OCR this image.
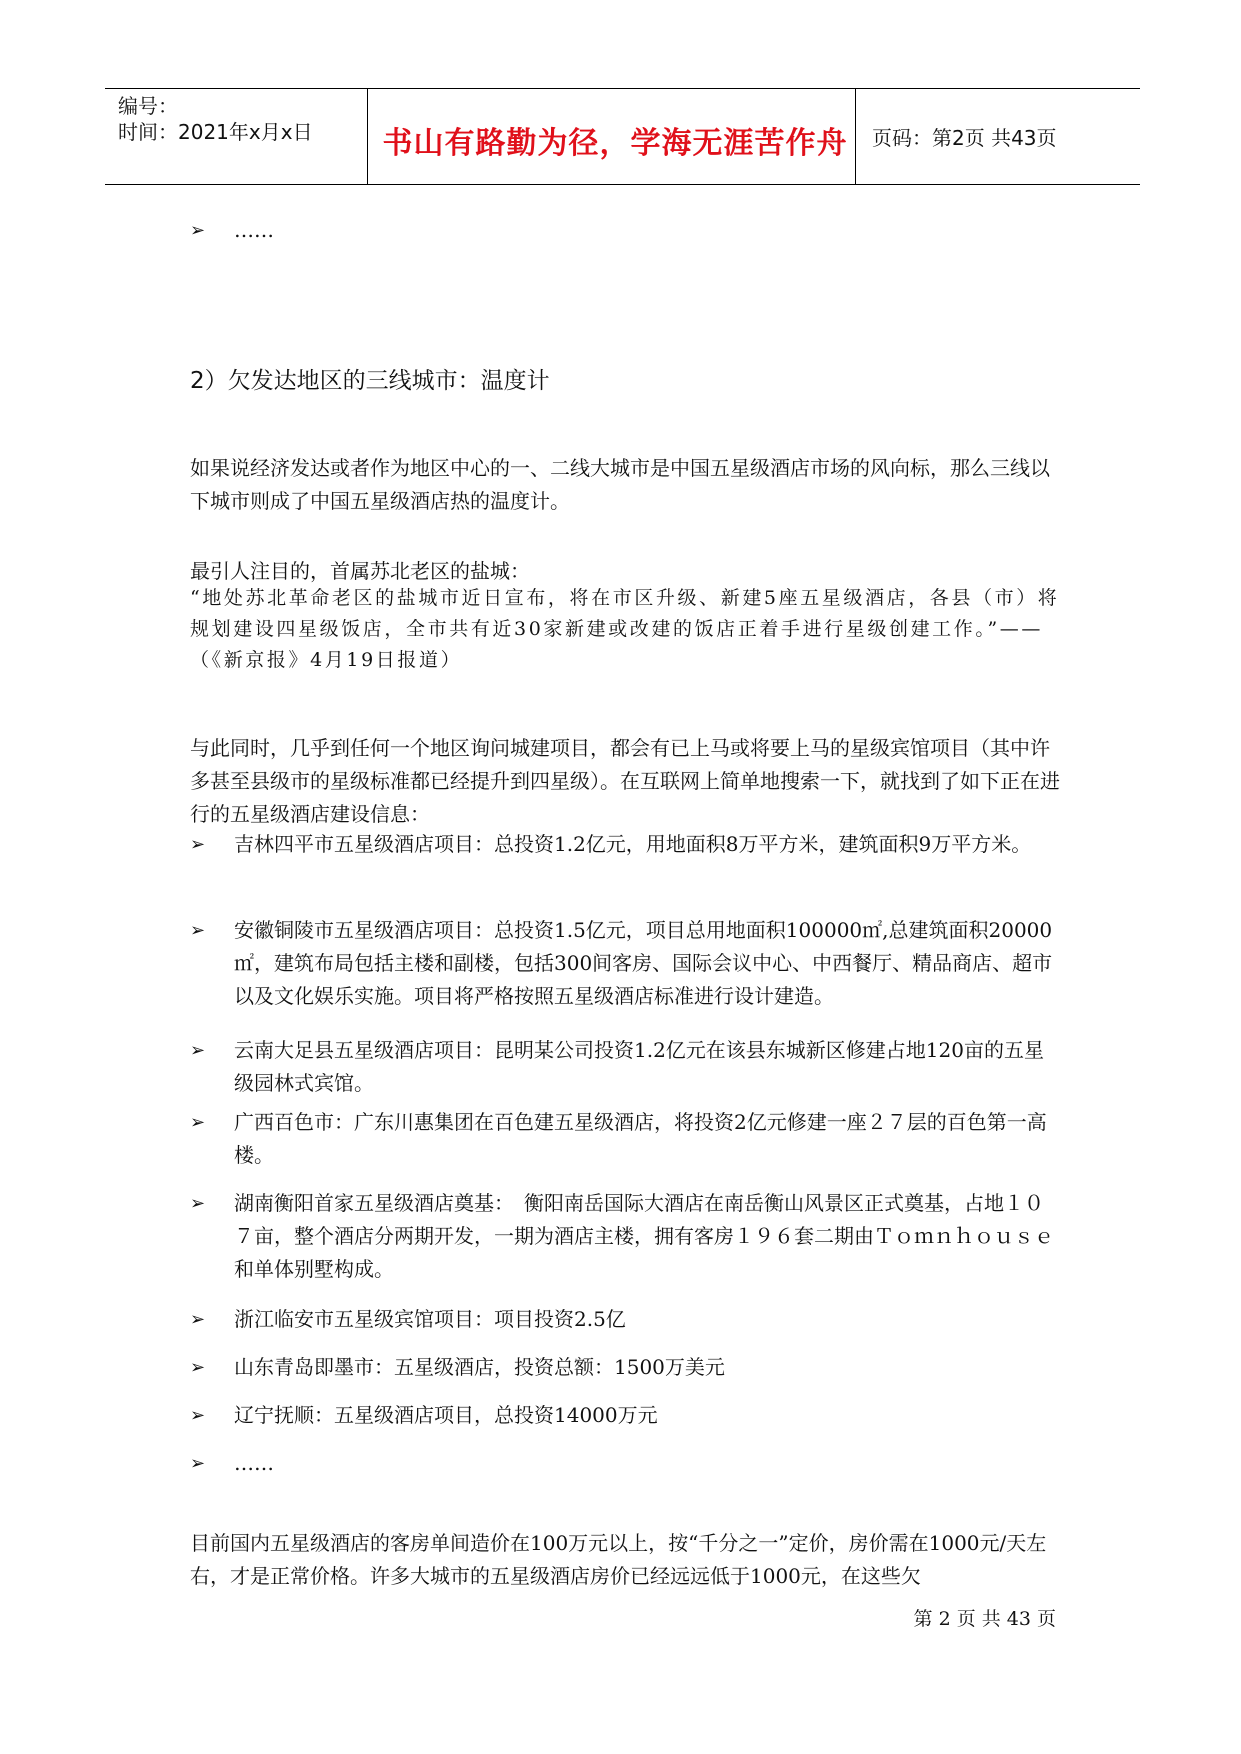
编号：
时间：2021年x月x日	书山有路勤为径，学海无涯苦作舟	页码：第2页 共43页
➢ ……
2）欠发达地区的三线城市：温度计
如果说经济发达或者作为地区中心的一、二线大城市是中国五星级酒店市场的风向标，那么三线以下城市则成了中国五星级酒店热的温度计。
最引人注目的，首属苏北老区的盐城：
“地处苏北革命老区的盐城市近日宣布，将在市区升级、新建5座五星级酒店，各县（市）将规划建设四星级饭店，全市共有近30家新建或改建的饭店正着手进行星级创建工作。”——（《新京报》4月19日报道）
与此同时，几乎到任何一个地区询问城建项目，都会有已上马或将要上马的星级宾馆项目（其中许多甚至县级市的星级标准都已经提升到四星级）。在互联网上简单地搜索一下，就找到了如下正在进行的五星级酒店建设信息：
➢ 吉林四平市五星级酒店项目：总投资1.2亿元，用地面积8万平方米，建筑面积9万平方米。
➢ 安徽铜陵市五星级酒店项目：总投资1.5亿元，项目总用地面积100000㎡,总建筑面积20000㎡，建筑布局包括主楼和副楼，包括300间客房、国际会议中心、中西餐厅、精品商店、超市以及文化娱乐实施。项目将严格按照五星级酒店标准进行设计建造。
➢ 云南大足县五星级酒店项目：昆明某公司投资1.2亿元在该县东城新区修建占地120亩的五星级园林式宾馆。
➢ 广西百色市：广东川惠集团在百色建五星级酒店，将投资2亿元修建一座２７层的百色第一高楼。
➢ 湖南衡阳首家五星级酒店奠基：　衡阳南岳国际大酒店在南岳衡山风景区正式奠基，占地１０７亩，整个酒店分两期开发，一期为酒店主楼，拥有客房１９６套二期由Ｔｏｍｎｈｏｕｓｅ和单体别墅构成。
➢ 浙江临安市五星级宾馆项目：项目投资2.5亿
➢ 山东青岛即墨市：五星级酒店，投资总额：1500万美元
➢ 辽宁抚顺：五星级酒店项目，总投资14000万元
➢ ……
目前国内五星级酒店的客房单间造价在100万元以上，按“千分之一”定价，房价需在1000元/天左右，才是正常价格。许多大城市的五星级酒店房价已经远远低于1000元，在这些欠
第 2 页 共 43 页
